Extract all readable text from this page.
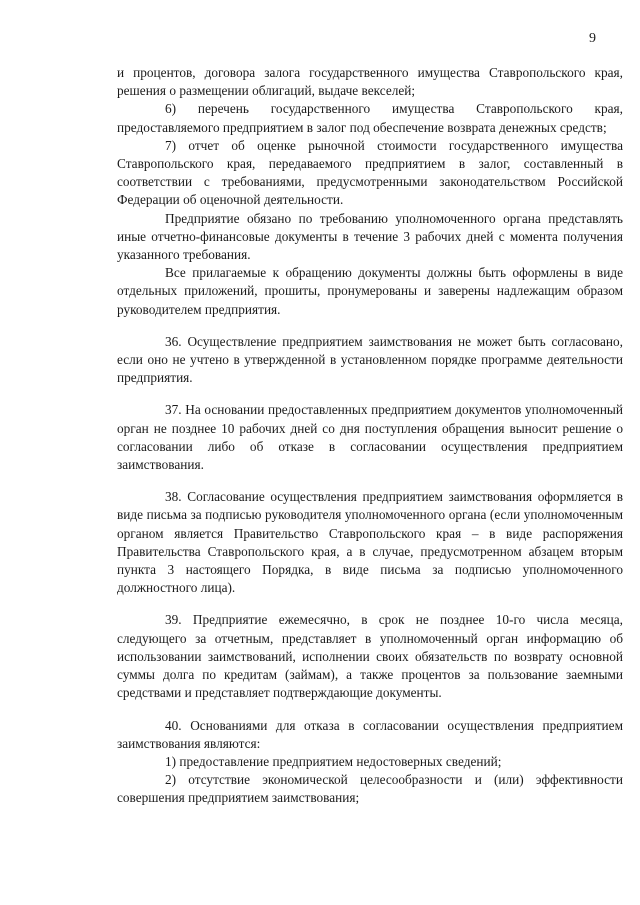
9

и процентов, договора залога государственного имущества Ставропольского края, решения о размещении облигаций, выдаче векселей;

6) перечень государственного имущества Ставропольского края, предоставляемого предприятием в залог под обеспечение возврата денежных средств;

7) отчет об оценке рыночной стоимости государственного имущества Ставропольского края, передаваемого предприятием в залог, составленный в соответствии с требованиями, предусмотренными законодательством Российской Федерации об оценочной деятельности.

Предприятие обязано по требованию уполномоченного органа представлять иные отчетно-финансовые документы в течение 3 рабочих дней с момента получения указанного требования.

Все прилагаемые к обращению документы должны быть оформлены в виде отдельных приложений, прошиты, пронумерованы и заверены надлежащим образом руководителем предприятия.

36. Осуществление предприятием заимствования не может быть согласовано, если оно не учтено в утвержденной в установленном порядке программе деятельности предприятия.

37. На основании предоставленных предприятием документов уполномоченный орган не позднее 10 рабочих дней со дня поступления обращения выносит решение о согласовании либо об отказе в согласовании осуществления предприятием заимствования.

38. Согласование осуществления предприятием заимствования оформляется в виде письма за подписью руководителя уполномоченного органа (если уполномоченным органом является Правительство Ставропольского края – в виде распоряжения Правительства Ставропольского края, а в случае, предусмотренном абзацем вторым пункта 3 настоящего Порядка, в виде письма за подписью уполномоченного должностного лица).

39. Предприятие ежемесячно, в срок не позднее 10-го числа месяца, следующего за отчетным, представляет в уполномоченный орган информацию об использовании заимствований, исполнении своих обязательств по возврату основной суммы долга по кредитам (займам), а также процентов за пользование заемными средствами и представляет подтверждающие документы.

40. Основаниями для отказа в согласовании осуществления предприятием заимствования являются:

1) предоставление предприятием недостоверных сведений;

2) отсутствие экономической целесообразности и (или) эффективности совершения предприятием заимствования;
